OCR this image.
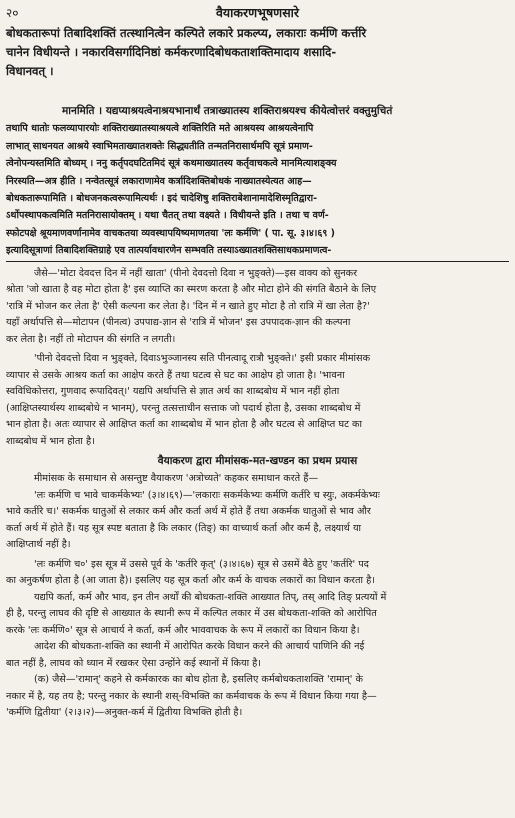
२०	वैयाकरणभूषणसारे

बोधकतारूपां तिबादिशक्तिं तत्स्थानित्वेन कल्पिते लकारे प्रकल्प्य, लकाराः कर्मणि कर्त्तरि

चानेन विधीयन्ते । नकारविसर्गादिनिष्ठां कर्मकरणादिबोधकताशक्तिमादाय शसादि-

विधानवत् ।

मानमिति । यद्यप्याश्रयत्वेनाश्रयभानार्थं तत्राख्यातस्य शक्तिराश्रयश्च कीयेत्वोत्तरं वक्तुमुचितं

तथापि धातोः फलव्यापारयोः शक्तिराख्यातस्याश्रयत्वे शक्तिरिति मते आश्रयस्य आश्रयत्वेनापि

लाभात् साधनयत आश्रये स्वाभिमताख्यातशक्तेः सिद्ध्यतीति तन्मतनिरासार्थमपि सूत्रं प्रमाण-

त्वेनोपन्यस्तमिति बोध्यम् । ननु कर्तृपदघटितमिदं सूत्रं कथमाख्यातस्य कर्तृवाचकत्वे मानमित्याशङ्क्य

निरस्यति—अत्र हीति । नन्वेतत्सूत्रं लकाराणामेव कर्त्रादिशक्तिबोधकं नाख्यातस्येत्यत आह—

बोधकतारूपामिति । बोधजनकत्वरूपामित्यर्थः । इदं चादेशिषु शक्तिराबेशानामादेशिस्मृतिद्वारा-

ऽर्थोपस्थापकत्वमिति मतनिरासायोक्तम् । यथा चैतत् तथा वक्ष्यते । विधीयन्ते इति । तथा च वर्ण-

स्फोटपक्षे श्रूयमाणवर्णानामेव वाचकतया व्यवस्थापयिष्यमाणतया 'लः कर्मणि' ( पा. सू. ३।४।६९ )

इत्यादिसूत्राणां तिबादिशक्तिग्राहे एव तात्पर्यावधारणेन सम्भवति तस्याऽख्यातशक्तिसाधकप्रमाणत्व-

जैसे—'मोटा देवदत्त दिन में नहीं खाता' (पीनो देवदत्तो दिवा न भुङ्क्ते)—इस वाक्य को सुनकर

श्रोता 'जो खाता है वह मोटा होता है' इस व्याप्ति का स्मरण करता है और मोटा होने की संगति बैठाने के लिए

'रात्रि में भोजन कर लेता है' ऐसी कल्पना कर लेता है। 'दिन में न खाते हुए मोटा है तो रात्रि में खा लेता है?'

यहाँ अर्थापत्ति से—मोटापन (पीनत्व) उपपाद्य-ज्ञान से 'रात्रि में भोजन' इस उपपादक-ज्ञान की कल्पना

कर लेता है। नहीं तो मोटापन की संगति न लगती।

'पीनो देवदत्तो दिवा न भुङ्क्ते, दिवाऽभुञ्जानस्य सति पीनत्वादू रात्रौ भुङ्क्ते।' इसी प्रकार मीमांसक

व्यापार से उसके आश्रय कर्ता का आक्षेप करते हैं तथा घटत्व से घट का आक्षेप हो जाता है। 'भावना

स्वविधिकोत्तरा, गुणवाद रूपादिवत्।' यद्यपि अर्थापत्ति से ज्ञात अर्थ का शाब्दबोध में भान नहीं होता

(आक्षिप्तस्यार्थस्य शाब्दबोधे न भानम्), परन्तु तत्सत्ताधीन सत्ताक जो पदार्थ होता है, उसका शाब्दबोध में

भान होता है। अतः व्यापार से आक्षिप्त कर्ता का शाब्दबोध में भान होता है और घटत्व से आक्षिप्त घट का

शाब्दबोध में भान होता है।

वैयाकरण द्वारा मीमांसक-मत-खण्डन का प्रथम प्रयास

मीमांसक के समाधान से असन्तुष्ट वैयाकरण 'अत्रोच्यते' कहकर समाधान करते हैं—

'लः कर्मणि च भावे चाकर्मकेभ्यः' (३।४।६९)—'लकाराः सकर्मकेभ्यः कर्मणि कर्तरि च स्युः, अकर्मकेभ्यः

भावे कर्तरि च।' सकर्मक धातुओं से लकार कर्म और कर्ता अर्थ में होते हैं तथा अकर्मक धातुओं से भाव और

कर्ता अर्थ में होते हैं। यह सूत्र स्पष्ट बताता है कि लकार (तिङ्) का वाच्यार्थ कर्ता और कर्म है, लक्ष्यार्थ या

आक्षिप्तार्थ नहीं है।

'लः कर्मणि च०' इस सूत्र में उससे पूर्व के 'कर्तरि कृत्' (३।४।६७) सूत्र से उसमें बैठे हुए 'कर्तरि' पद

का अनुकर्षण होता है (आ जाता है)। इसलिए यह सूत्र कर्ता और कर्म के वाचक लकारों का विधान करता है।

यद्यपि कर्ता, कर्म और भाव, इन तीन अर्थों की बोधकता-शक्ति आख्यात तिप्, तस् आदि तिङ् प्रत्ययों में

ही है, परन्तु लाघव की दृष्टि से आख्यात के स्थानी रूप में कल्पित लकार में उस बोधकता-शक्ति को आरोपित

करके 'लः कर्मणि०' सूत्र से आचार्य ने कर्ता, कर्म और भाववाचक के रूप में लकारों का विधान किया है।

आदेश की बोधकता-शक्ति का स्थानी में आरोपित करके विधान करने की आचार्य पाणिनि की नई

बात नहीं है, लाघव को ध्यान में रखकर ऐसा उन्होंने कई स्थानों में किया है।

(क) जैसे—'रामान्' कहने से कर्मकारक का बोध होता है, इसलिए कर्मबोधकताशक्ति 'रामान्' के

नकार में है, यह तय है; परन्तु नकार के स्थानी शस्-विभक्ति का कर्मवाचक के रूप में विधान किया गया है—

'कर्मणि द्वितीया' (२।३।२)—अनुक्त-कर्म में द्वितीया विभक्ति होती है।
